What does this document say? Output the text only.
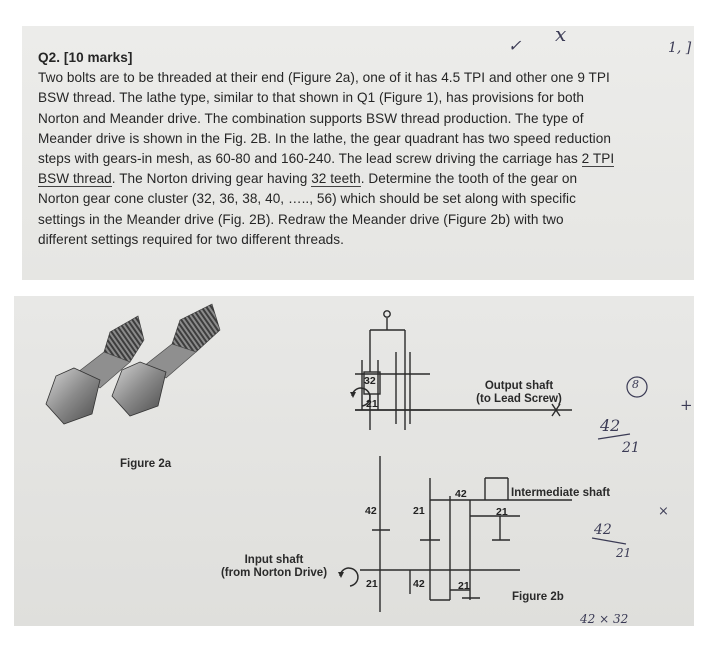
Q2. [10 marks]
Two bolts are to be threaded at their end (Figure 2a), one of it has 4.5 TPI and other one 9 TPI
BSW thread. The lathe type, similar to that shown in Q1 (Figure 1), has provisions for both
Norton and Meander drive. The combination supports BSW thread production. The type of
Meander drive is shown in the Fig. 2B. In the lathe, the gear quadrant has two speed reduction
steps with gears-in mesh, as 60-80 and 160-240. The lead screw driving the carriage has 2 TPI
BSW thread. The Norton driving gear having 32 teeth. Determine the tooth of the gear on
Norton gear cone cluster (32, 36, 38, 40, ….., 56) which should be set along with specific
settings in the Meander drive (Fig. 2B). Redraw the Meander drive (Figure 2b) with two
different settings required for two different threads.
x
✓	1, ]
Figure 2a
Figure 2b
Output shaft
(to Lead Screw)
Intermediate shaft
Input shaft
(from Norton Drive)
32
21
42	21
42
21
21	42	21
8
+
42
21
×
42
21
42 × 32
